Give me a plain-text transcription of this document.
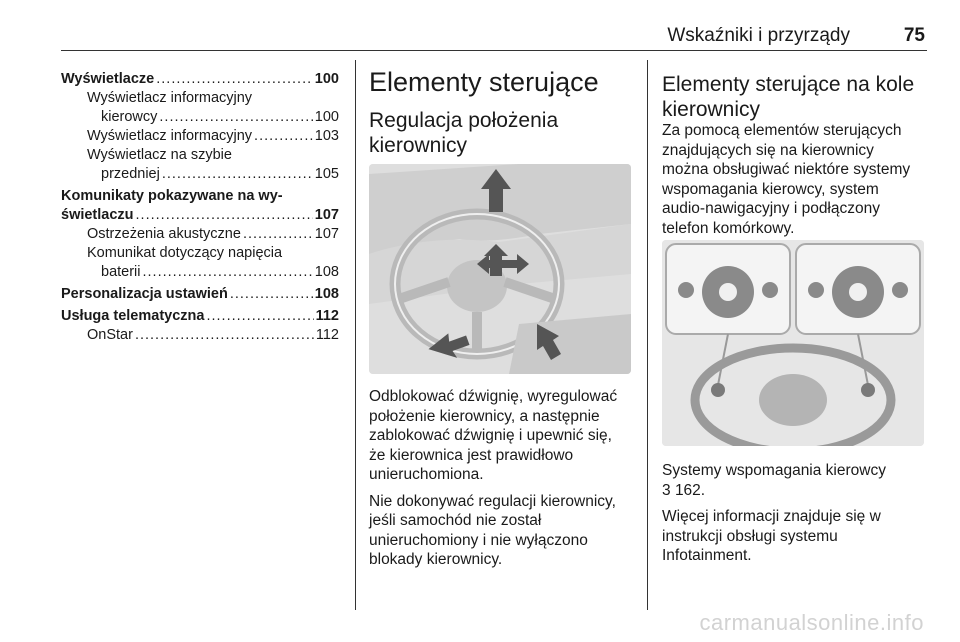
Wskaźniki i przyrządy	75
Wyświetlacze .....	100
Wyświetlacz informacyjny
kierowcy .....	100
Wyświetlacz informacyjny .....	103
Wyświetlacz na szybie
przedniej .....	105
Komunikaty pokazywane na wy-
świetlaczu .....	107
Ostrzeżenia akustyczne .....	107
Komunikat dotyczący napięcia
baterii .....	108
Personalizacja ustawień .....	108
Usługa telematyczna .....	112
OnStar .....	112
Elementy sterujące
Regulacja położenia
kierownicy

Odblokować dźwignię, wyregulować położenie kierownicy, a następnie zablokować dźwignię i upewnić się, że kierownica jest prawidłowo unieruchomiona.

Nie dokonywać regulacji kierownicy, jeśli samochód nie został unieruchomiony i nie wyłączono blokady kierownicy.

Elementy sterujące na kole
kierownicy
Za pomocą elementów sterujących znajdujących się na kierownicy można obsługiwać niektóre systemy wspomagania kierowcy, system audio-nawigacyjny i podłączony telefon komórkowy.

Systemy wspomagania kierowcy
3 162.

Więcej informacji znajduje się w instrukcji obsługi systemu Infotainment.

carmanualsonline.info
